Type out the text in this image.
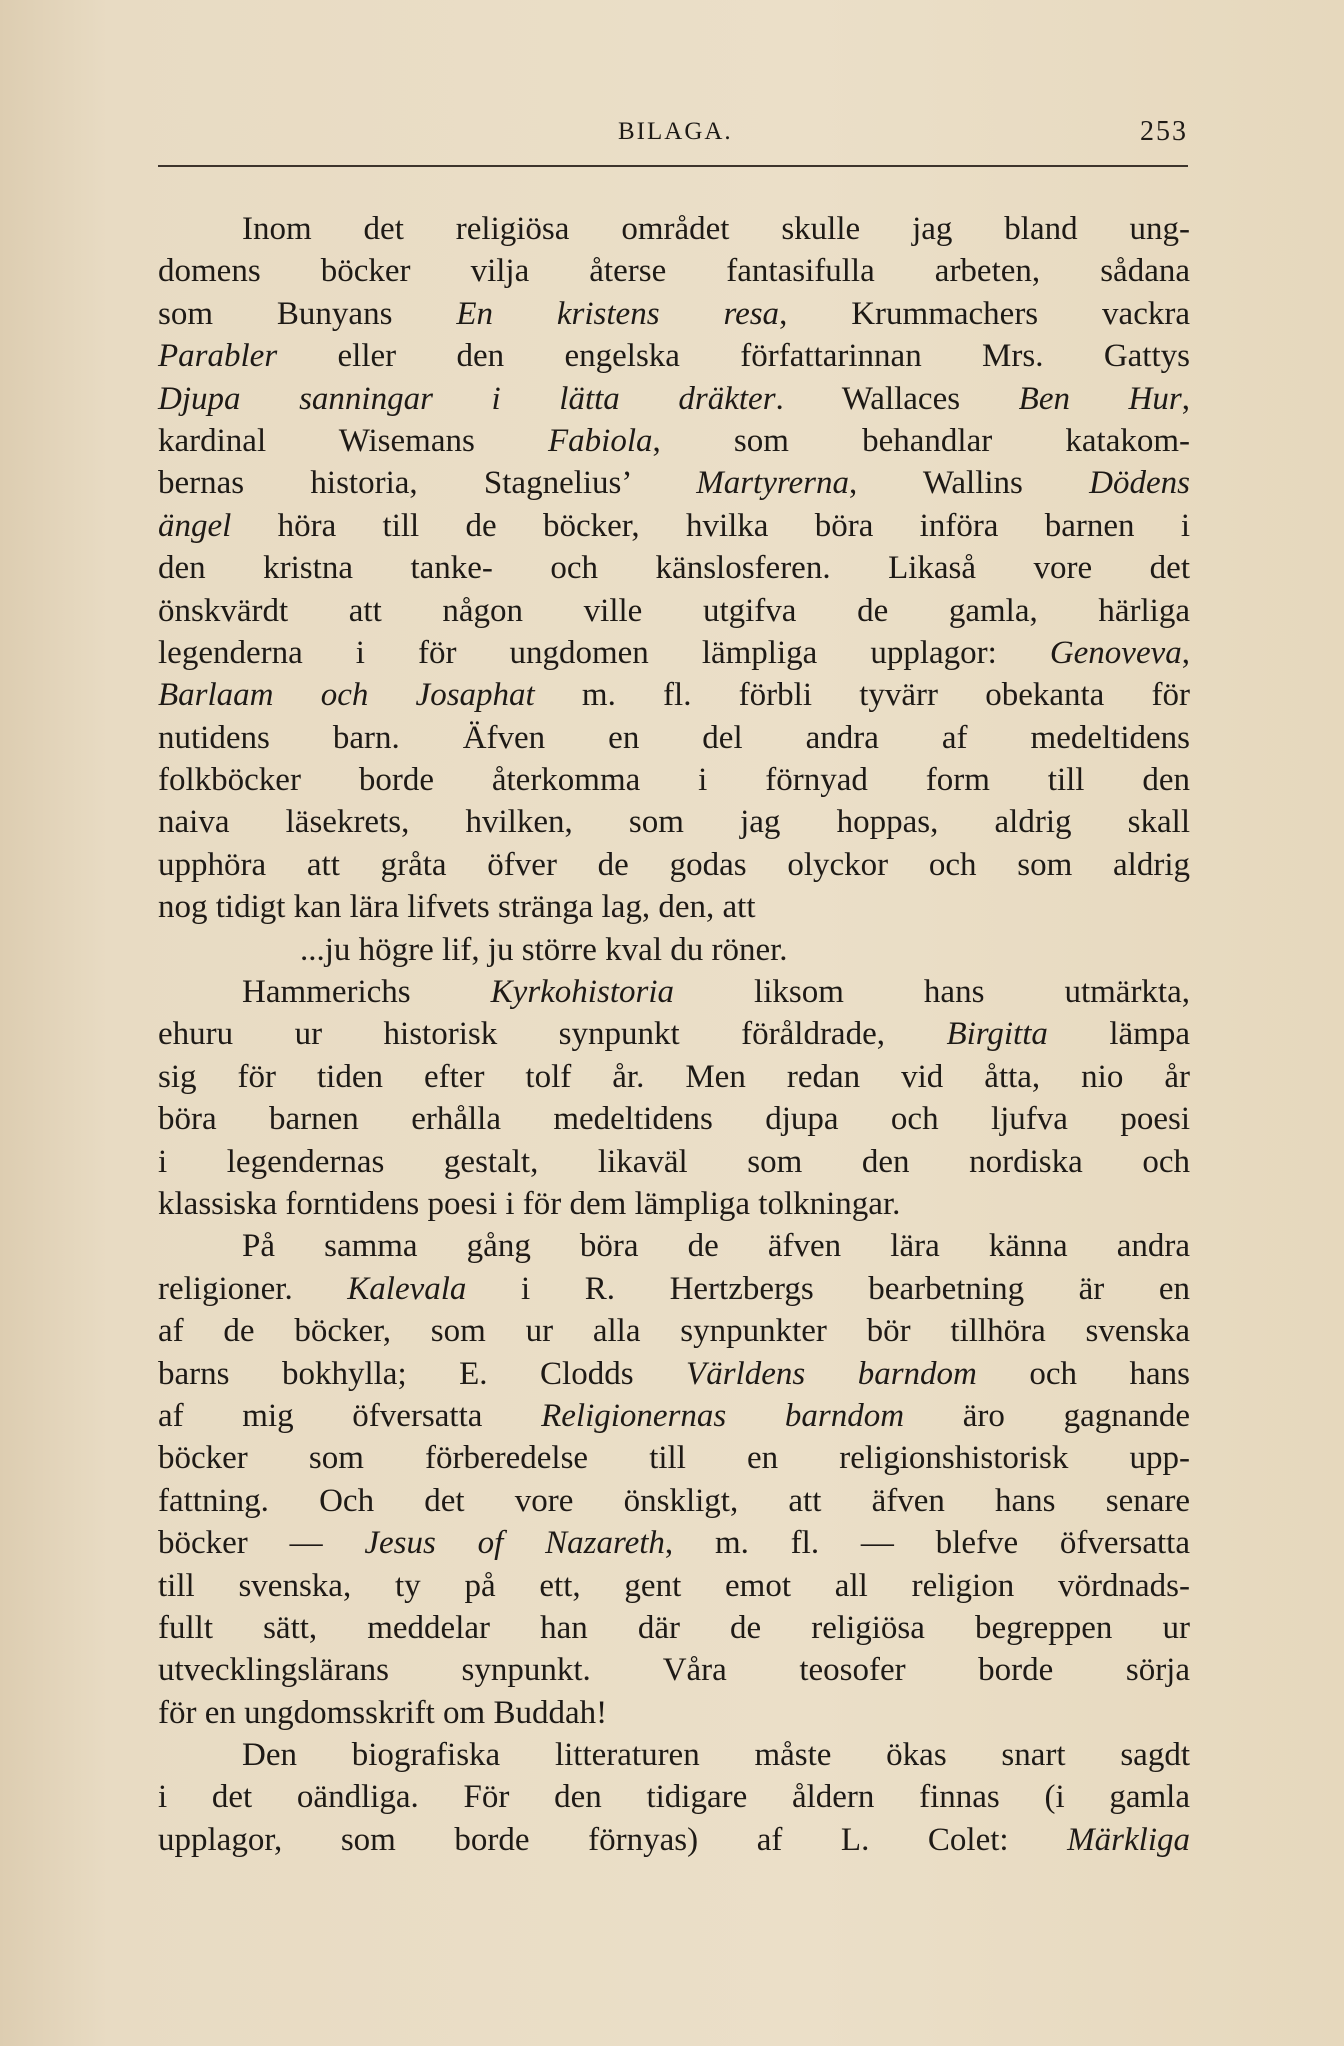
BILAGA.	253
Inom det religiösa området skulle jag bland ung-
domens böcker vilja återse fantasifulla arbeten, sådana
som Bunyans En kristens resa, Krummachers vackra
Parabler eller den engelska författarinnan Mrs. Gattys
Djupa sanningar i lätta dräkter. Wallaces Ben Hur,
kardinal Wisemans Fabiola, som behandlar katakom-
bernas historia, Stagnelius’ Martyrerna, Wallins Dödens
ängel höra till de böcker, hvilka böra införa barnen i
den kristna tanke- och känslosferen. Likaså vore det
önskvärdt att någon ville utgifva de gamla, härliga
legenderna i för ungdomen lämpliga upplagor: Genoveva,
Barlaam och Josaphat m. fl. förbli tyvärr obekanta för
nutidens barn. Äfven en del andra af medeltidens
folkböcker borde återkomma i förnyad form till den
naiva läsekrets, hvilken, som jag hoppas, aldrig skall
upphöra att gråta öfver de godas olyckor och som aldrig
nog tidigt kan lära lifvets stränga lag, den, att
...ju högre lif, ju större kval du röner.
Hammerichs Kyrkohistoria liksom hans utmärkta,
ehuru ur historisk synpunkt föråldrade, Birgitta lämpa
sig för tiden efter tolf år. Men redan vid åtta, nio år
böra barnen erhålla medeltidens djupa och ljufva poesi
i legendernas gestalt, likaväl som den nordiska och
klassiska forntidens poesi i för dem lämpliga tolkningar.
På samma gång böra de äfven lära känna andra
religioner. Kalevala i R. Hertzbergs bearbetning är en
af de böcker, som ur alla synpunkter bör tillhöra svenska
barns bokhylla; E. Clodds Världens barndom och hans
af mig öfversatta Religionernas barndom äro gagnande
böcker som förberedelse till en religionshistorisk upp-
fattning. Och det vore önskligt, att äfven hans senare
böcker — Jesus of Nazareth, m. fl. — blefve öfversatta
till svenska, ty på ett, gent emot all religion vördnads-
fullt sätt, meddelar han där de religiösa begreppen ur
utvecklingslärans synpunkt. Våra teosofer borde sörja
för en ungdomsskrift om Buddah!
Den biografiska litteraturen måste ökas snart sagdt
i det oändliga. För den tidigare åldern finnas (i gamla
upplagor, som borde förnyas) af L. Colet: Märkliga
